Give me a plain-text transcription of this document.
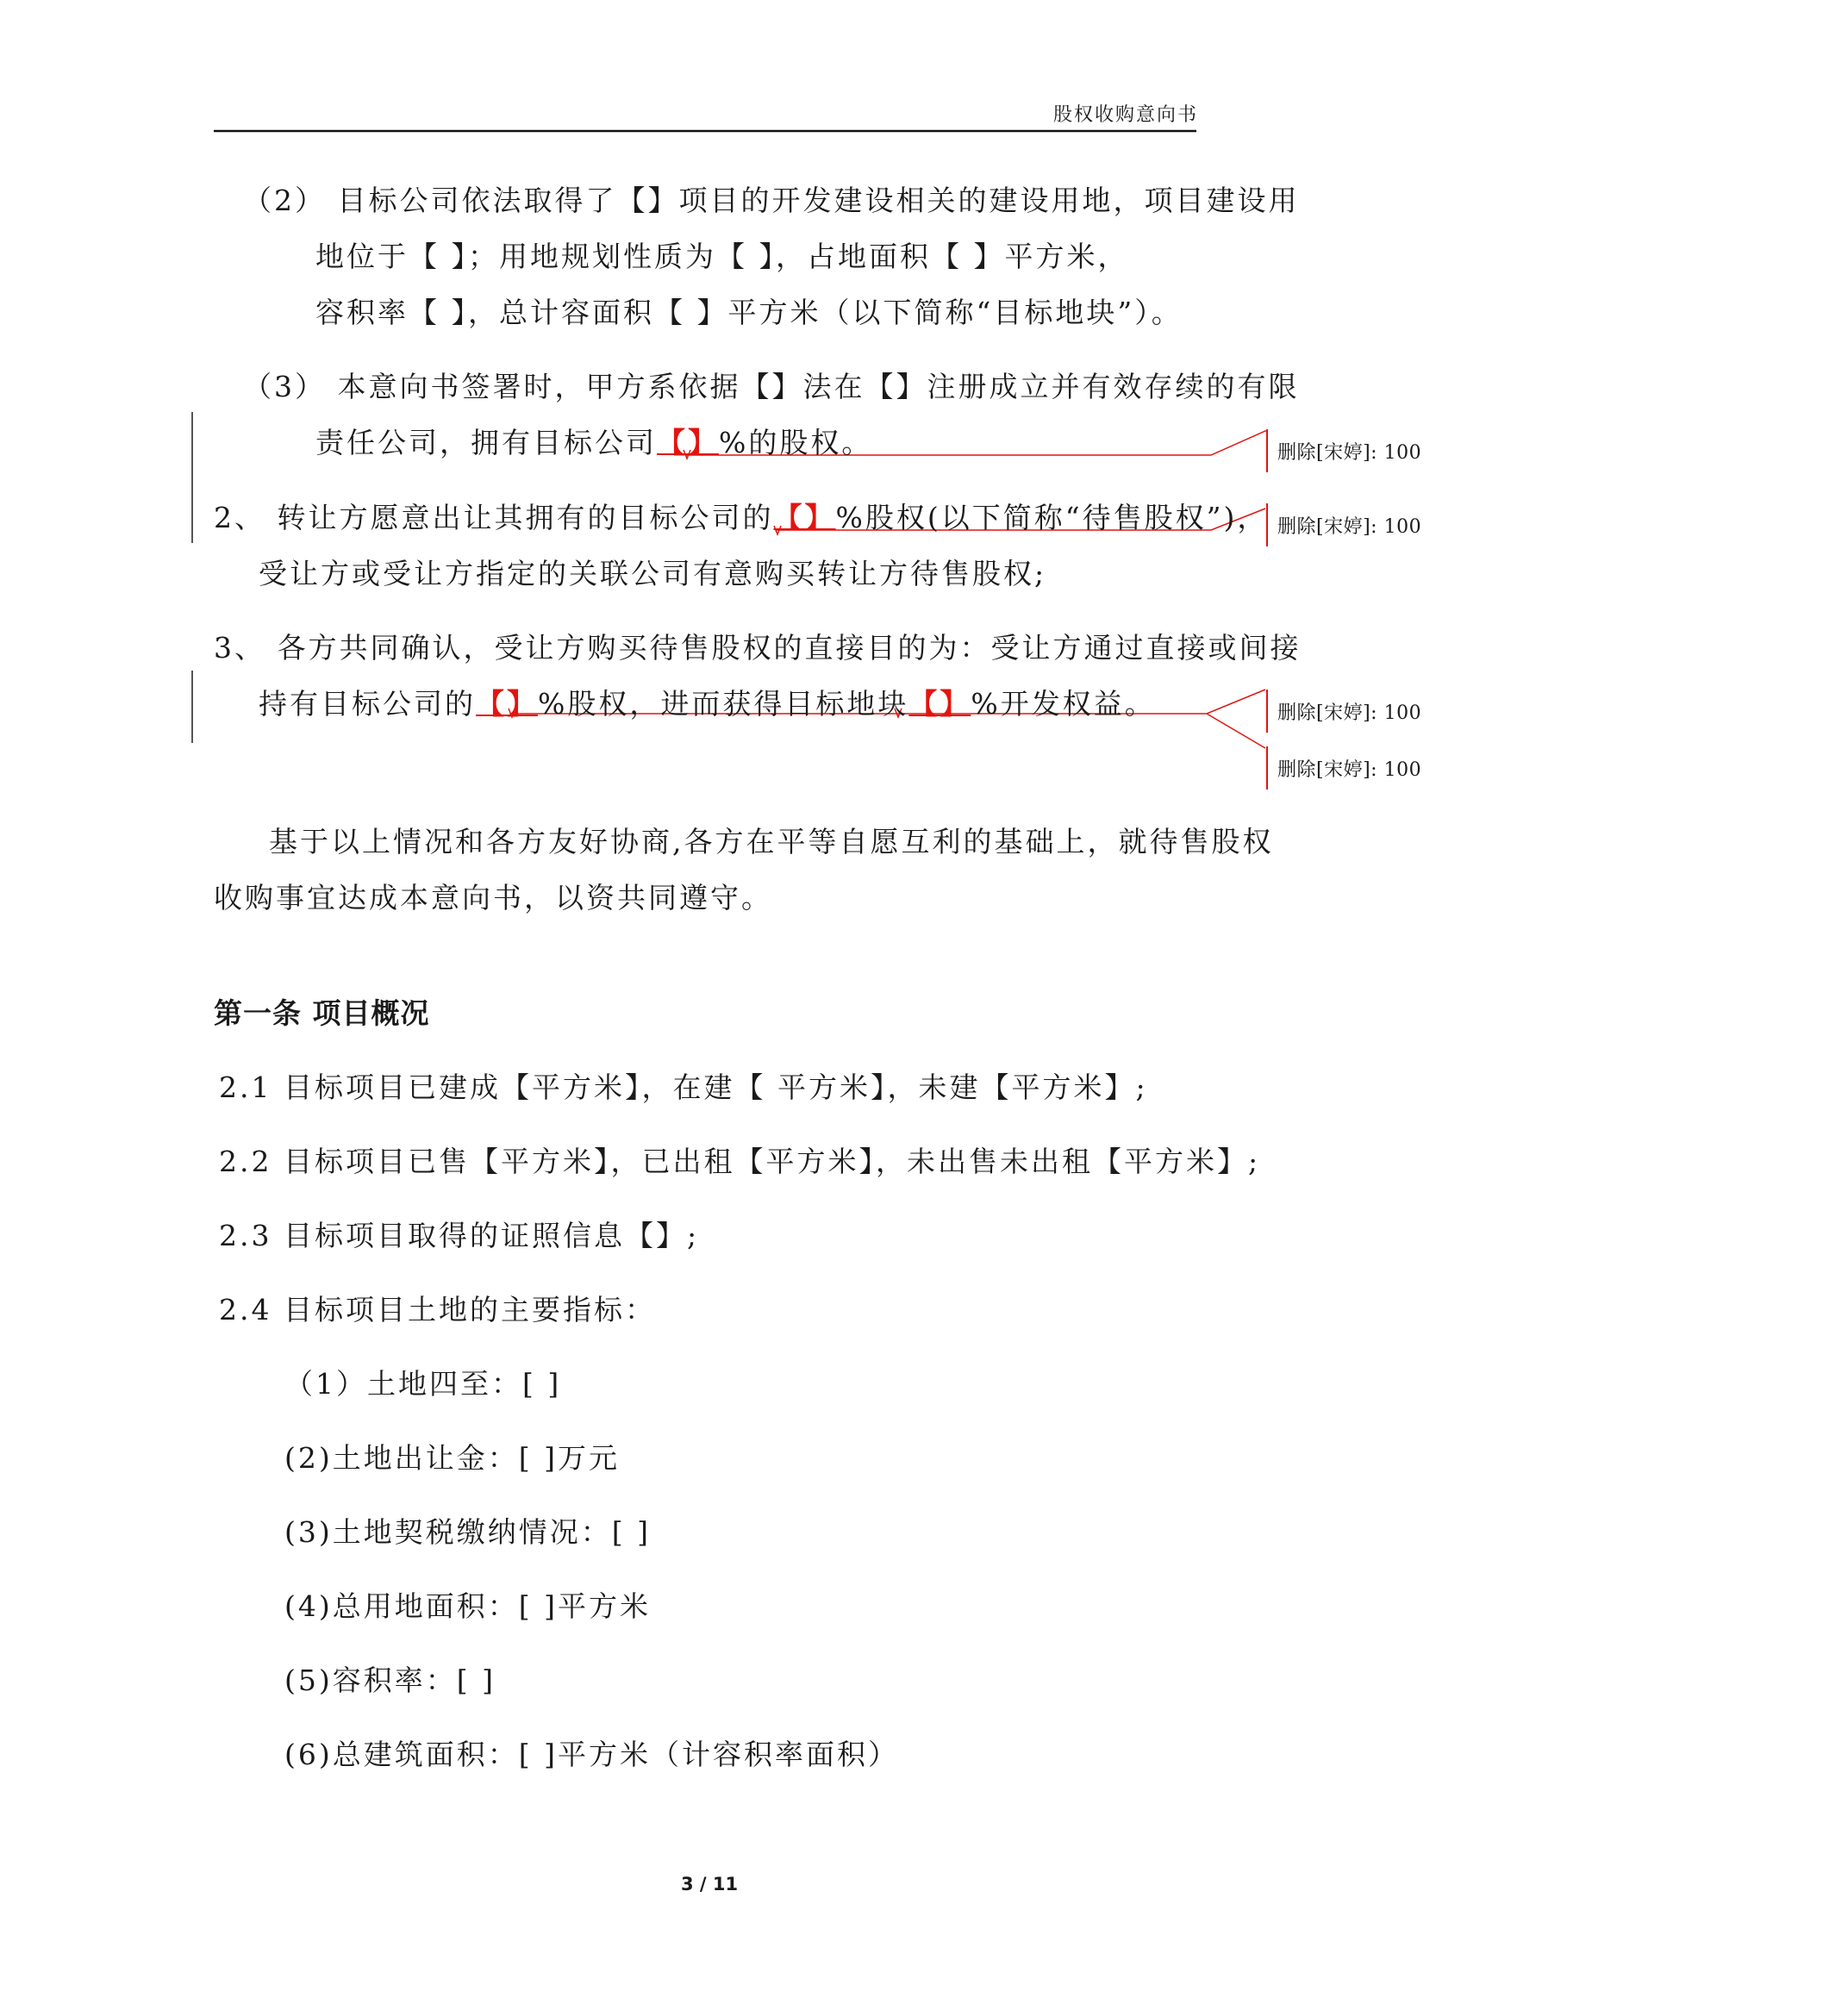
股权收购意向书
（2） 目标公司依法取得了【】项目的开发建设相关的建设用地，项目建设用
地位于【 】；用地规划性质为【 】，占地面积【 】平方米，
容积率【 】，总计容面积【 】平方米（以下简称“目标地块”）。
（3） 本意向书签署时，甲方系依据【】法在【】注册成立并有效存续的有限
责任公司，拥有目标公司【】%的股权。
2、 转让方愿意出让其拥有的目标公司的【】%股权(以下简称“待售股权”)，
受让方或受让方指定的关联公司有意购买转让方待售股权;
3、 各方共同确认，受让方购买待售股权的直接目的为：受让方通过直接或间接
持有目标公司的【】%股权，进而获得目标地块【】%开发权益。
基于以上情况和各方友好协商,各方在平等自愿互利的基础上，就待售股权
收购事宜达成本意向书，以资共同遵守。
第一条 项目概况
2.1 目标项目已建成【平方米】，在建【 平方米】，未建【平方米】;
2.2 目标项目已售【平方米】，已出租【平方米】，未出售未出租【平方米】;
2.3 目标项目取得的证照信息【】;
2.4 目标项目土地的主要指标：
（1）土地四至：[ ]
(2)土地出让金：[ ]万元
(3)土地契税缴纳情况：[ ]
(4)总用地面积：[ ]平方米
(5)容积率：[ ]
(6)总建筑面积：[ ]平方米（计容积率面积）
删除[宋婷]: 100
删除[宋婷]: 100
删除[宋婷]: 100
删除[宋婷]: 100
3 / 11
